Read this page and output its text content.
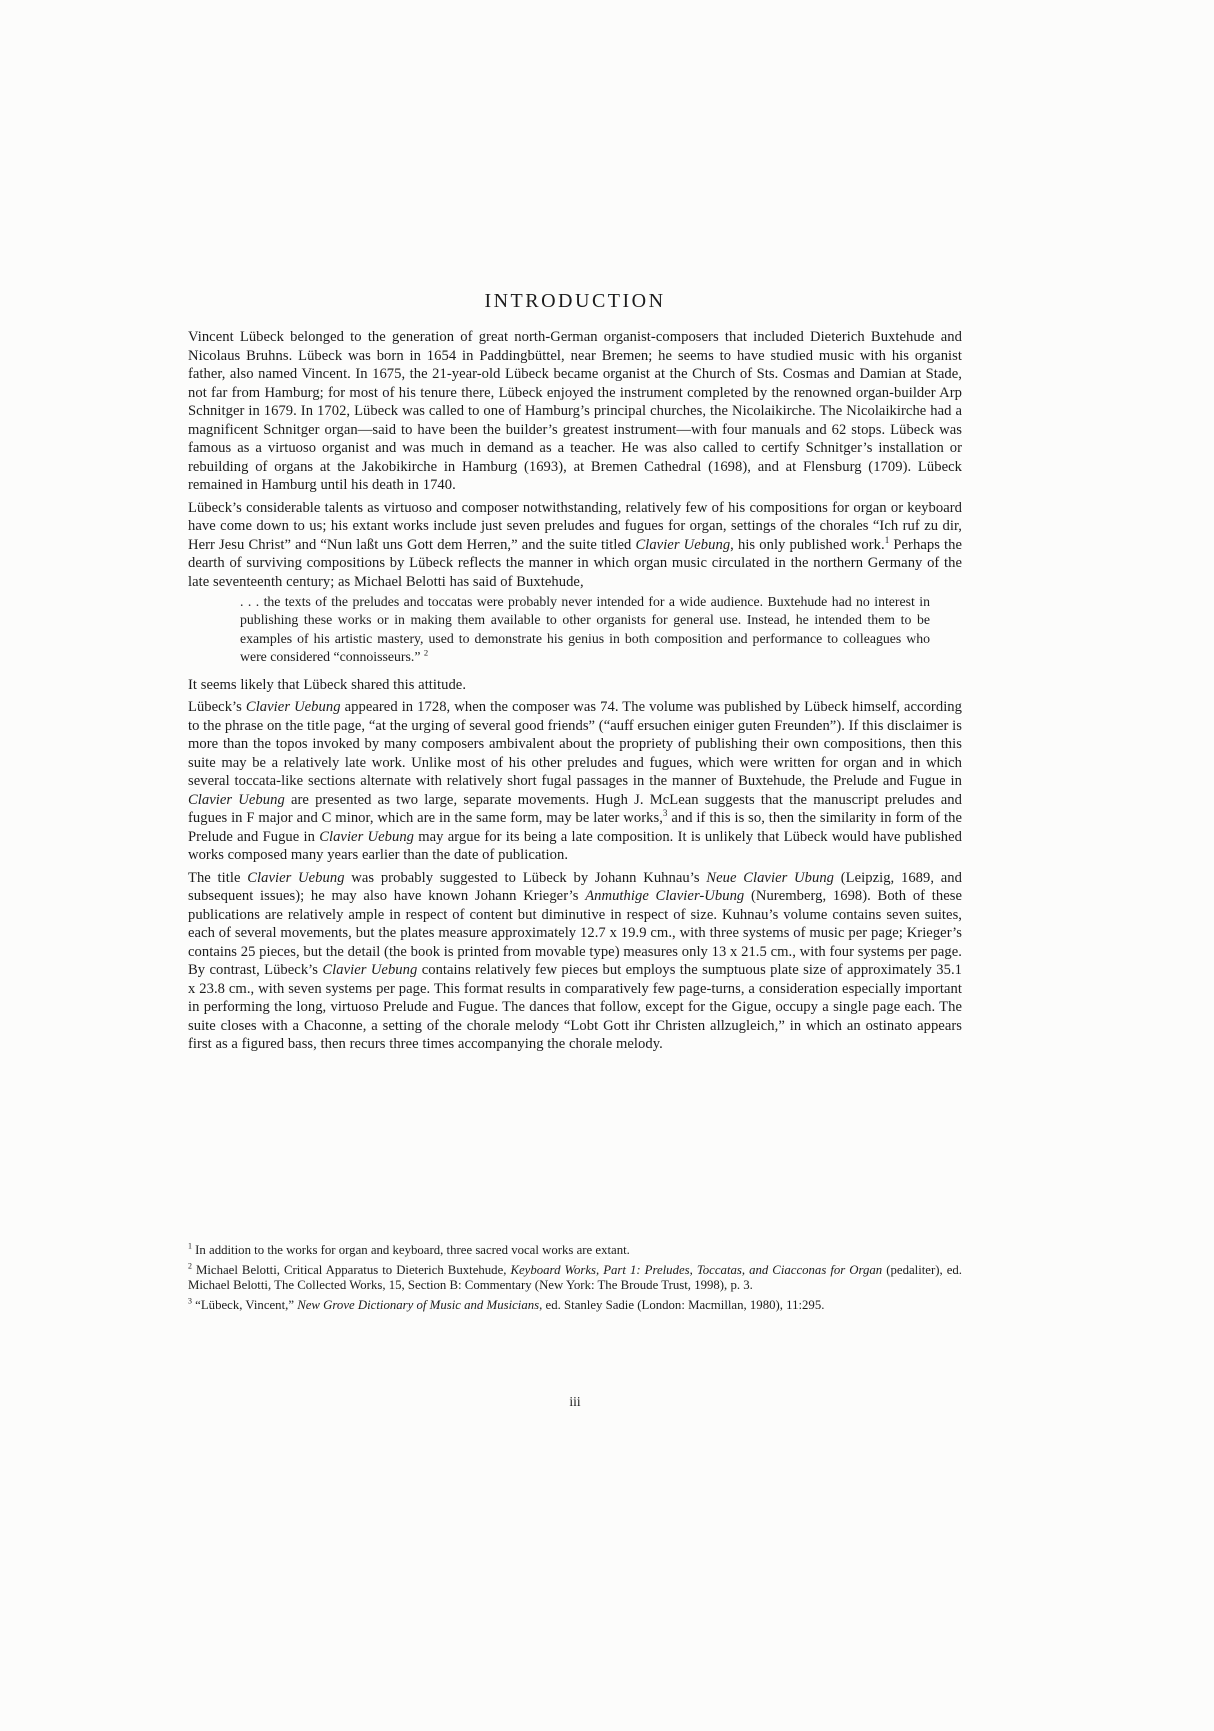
INTRODUCTION

Vincent Lübeck belonged to the generation of great north-German organist-composers that included Dieterich Buxtehude and Nicolaus Bruhns. Lübeck was born in 1654 in Paddingbüttel, near Bremen; he seems to have studied music with his organist father, also named Vincent. In 1675, the 21-year-old Lübeck became organist at the Church of Sts. Cosmas and Damian at Stade, not far from Hamburg; for most of his tenure there, Lübeck enjoyed the instrument completed by the renowned organ-builder Arp Schnitger in 1679. In 1702, Lübeck was called to one of Hamburg’s principal churches, the Nicolaikirche. The Nicolaikirche had a magnificent Schnitger organ—said to have been the builder’s greatest instrument—with four manuals and 62 stops. Lübeck was famous as a virtuoso organist and was much in demand as a teacher. He was also called to certify Schnitger’s installation or rebuilding of organs at the Jakobikirche in Hamburg (1693), at Bremen Cathedral (1698), and at Flensburg (1709). Lübeck remained in Hamburg until his death in 1740.

Lübeck’s considerable talents as virtuoso and composer notwithstanding, relatively few of his compositions for organ or keyboard have come down to us; his extant works include just seven preludes and fugues for organ, settings of the chorales “Ich ruf zu dir, Herr Jesu Christ” and “Nun laßt uns Gott dem Herren,” and the suite titled Clavier Uebung, his only published work.$^1$ Perhaps the dearth of surviving compositions by Lübeck reflects the manner in which organ music circulated in the northern Germany of the late seventeenth century; as Michael Belotti has said of Buxtehude,

. . . the texts of the preludes and toccatas were probably never intended for a wide audience. Buxtehude had no interest in publishing these works or in making them available to other organists for general use. Instead, he intended them to be examples of his artistic mastery, used to demonstrate his genius in both composition and performance to colleagues who were considered “connoisseurs.” $^2$

It seems likely that Lübeck shared this attitude.

Lübeck’s Clavier Uebung appeared in 1728, when the composer was 74. The volume was published by Lübeck himself, according to the phrase on the title page, “at the urging of several good friends” (“auff ersuchen einiger guten Freunden”). If this disclaimer is more than the topos invoked by many composers ambivalent about the propriety of publishing their own compositions, then this suite may be a relatively late work. Unlike most of his other preludes and fugues, which were written for organ and in which several toccata-like sections alternate with relatively short fugal passages in the manner of Buxtehude, the Prelude and Fugue in Clavier Uebung are presented as two large, separate movements. Hugh J. McLean suggests that the manuscript preludes and fugues in F major and C minor, which are in the same form, may be later works,$^3$ and if this is so, then the similarity in form of the Prelude and Fugue in Clavier Uebung may argue for its being a late composition. It is unlikely that Lübeck would have published works composed many years earlier than the date of publication.

The title Clavier Uebung was probably suggested to Lübeck by Johann Kuhnau’s Neue Clavier Ubung (Leipzig, 1689, and subsequent issues); he may also have known Johann Krieger’s Anmuthige Clavier-Ubung (Nuremberg, 1698). Both of these publications are relatively ample in respect of content but diminutive in respect of size. Kuhnau’s volume contains seven suites, each of several movements, but the plates measure approximately 12.7 x 19.9 cm., with three systems of music per page; Krieger’s contains 25 pieces, but the detail (the book is printed from movable type) measures only 13 x 21.5 cm., with four systems per page. By contrast, Lübeck’s Clavier Uebung contains relatively few pieces but employs the sumptuous plate size of approximately 35.1 x 23.8 cm., with seven systems per page. This format results in comparatively few page-turns, a consideration especially important in performing the long, virtuoso Prelude and Fugue. The dances that follow, except for the Gigue, occupy a single page each. The suite closes with a Chaconne, a setting of the chorale melody “Lobt Gott ihr Christen allzugleich,” in which an ostinato appears first as a figured bass, then recurs three times accompanying the chorale melody.

$^1$ In addition to the works for organ and keyboard, three sacred vocal works are extant.

$^2$ Michael Belotti, Critical Apparatus to Dieterich Buxtehude, Keyboard Works, Part 1: Preludes, Toccatas, and Ciacconas for Organ (pedaliter), ed. Michael Belotti, The Collected Works, 15, Section B: Commentary (New York: The Broude Trust, 1998), p. 3.

$^3$ “Lübeck, Vincent,” New Grove Dictionary of Music and Musicians, ed. Stanley Sadie (London: Macmillan, 1980), 11:295.

iii
